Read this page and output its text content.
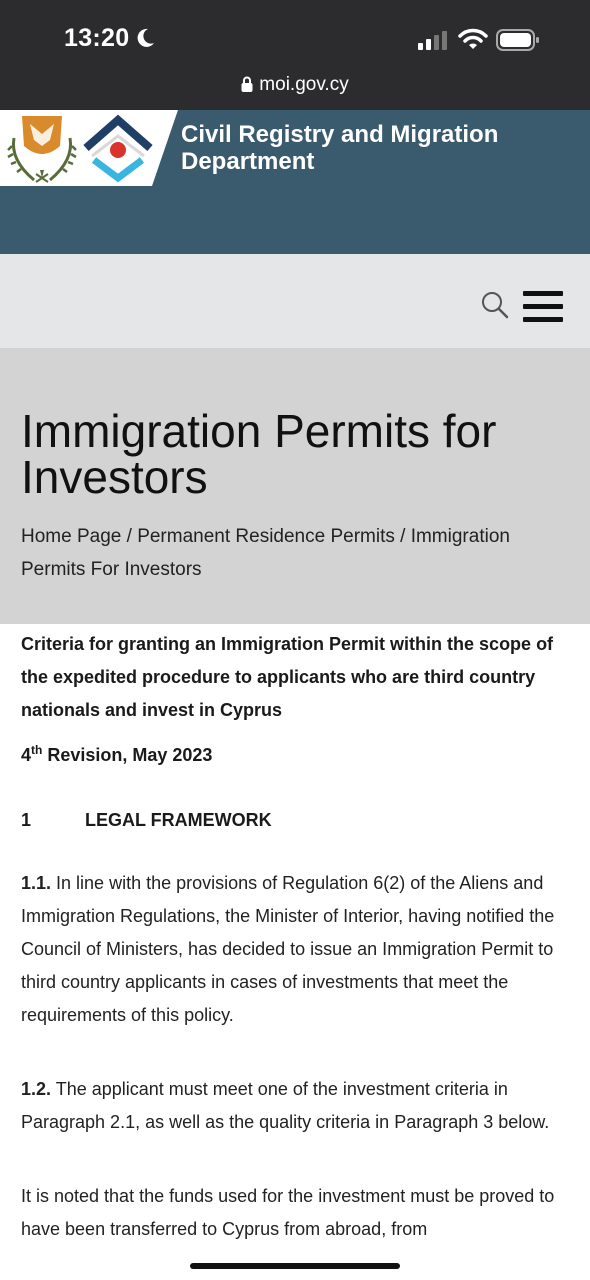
13:20
moi.gov.cy
Civil Registry and Migration Department
Immigration Permits for Investors
Home Page / Permanent Residence Permits / Immigration Permits For Investors

Criteria for granting an Immigration Permit within the scope of the expedited procedure to applicants who are third country nationals and invest in Cyprus

4th Revision, May 2023
1	LEGAL FRAMEWORK

1.1. In line with the provisions of Regulation 6(2) of the Aliens and Immigration Regulations, the Minister of Interior, having notified the Council of Ministers, has decided to issue an Immigration Permit to third country applicants in cases of investments that meet the requirements of this policy.

1.2. The applicant must meet one of the investment criteria in Paragraph 2.1, as well as the quality criteria in Paragraph 3 below.

It is noted that the funds used for the investment must be proved to have been transferred to Cyprus from abroad, from
